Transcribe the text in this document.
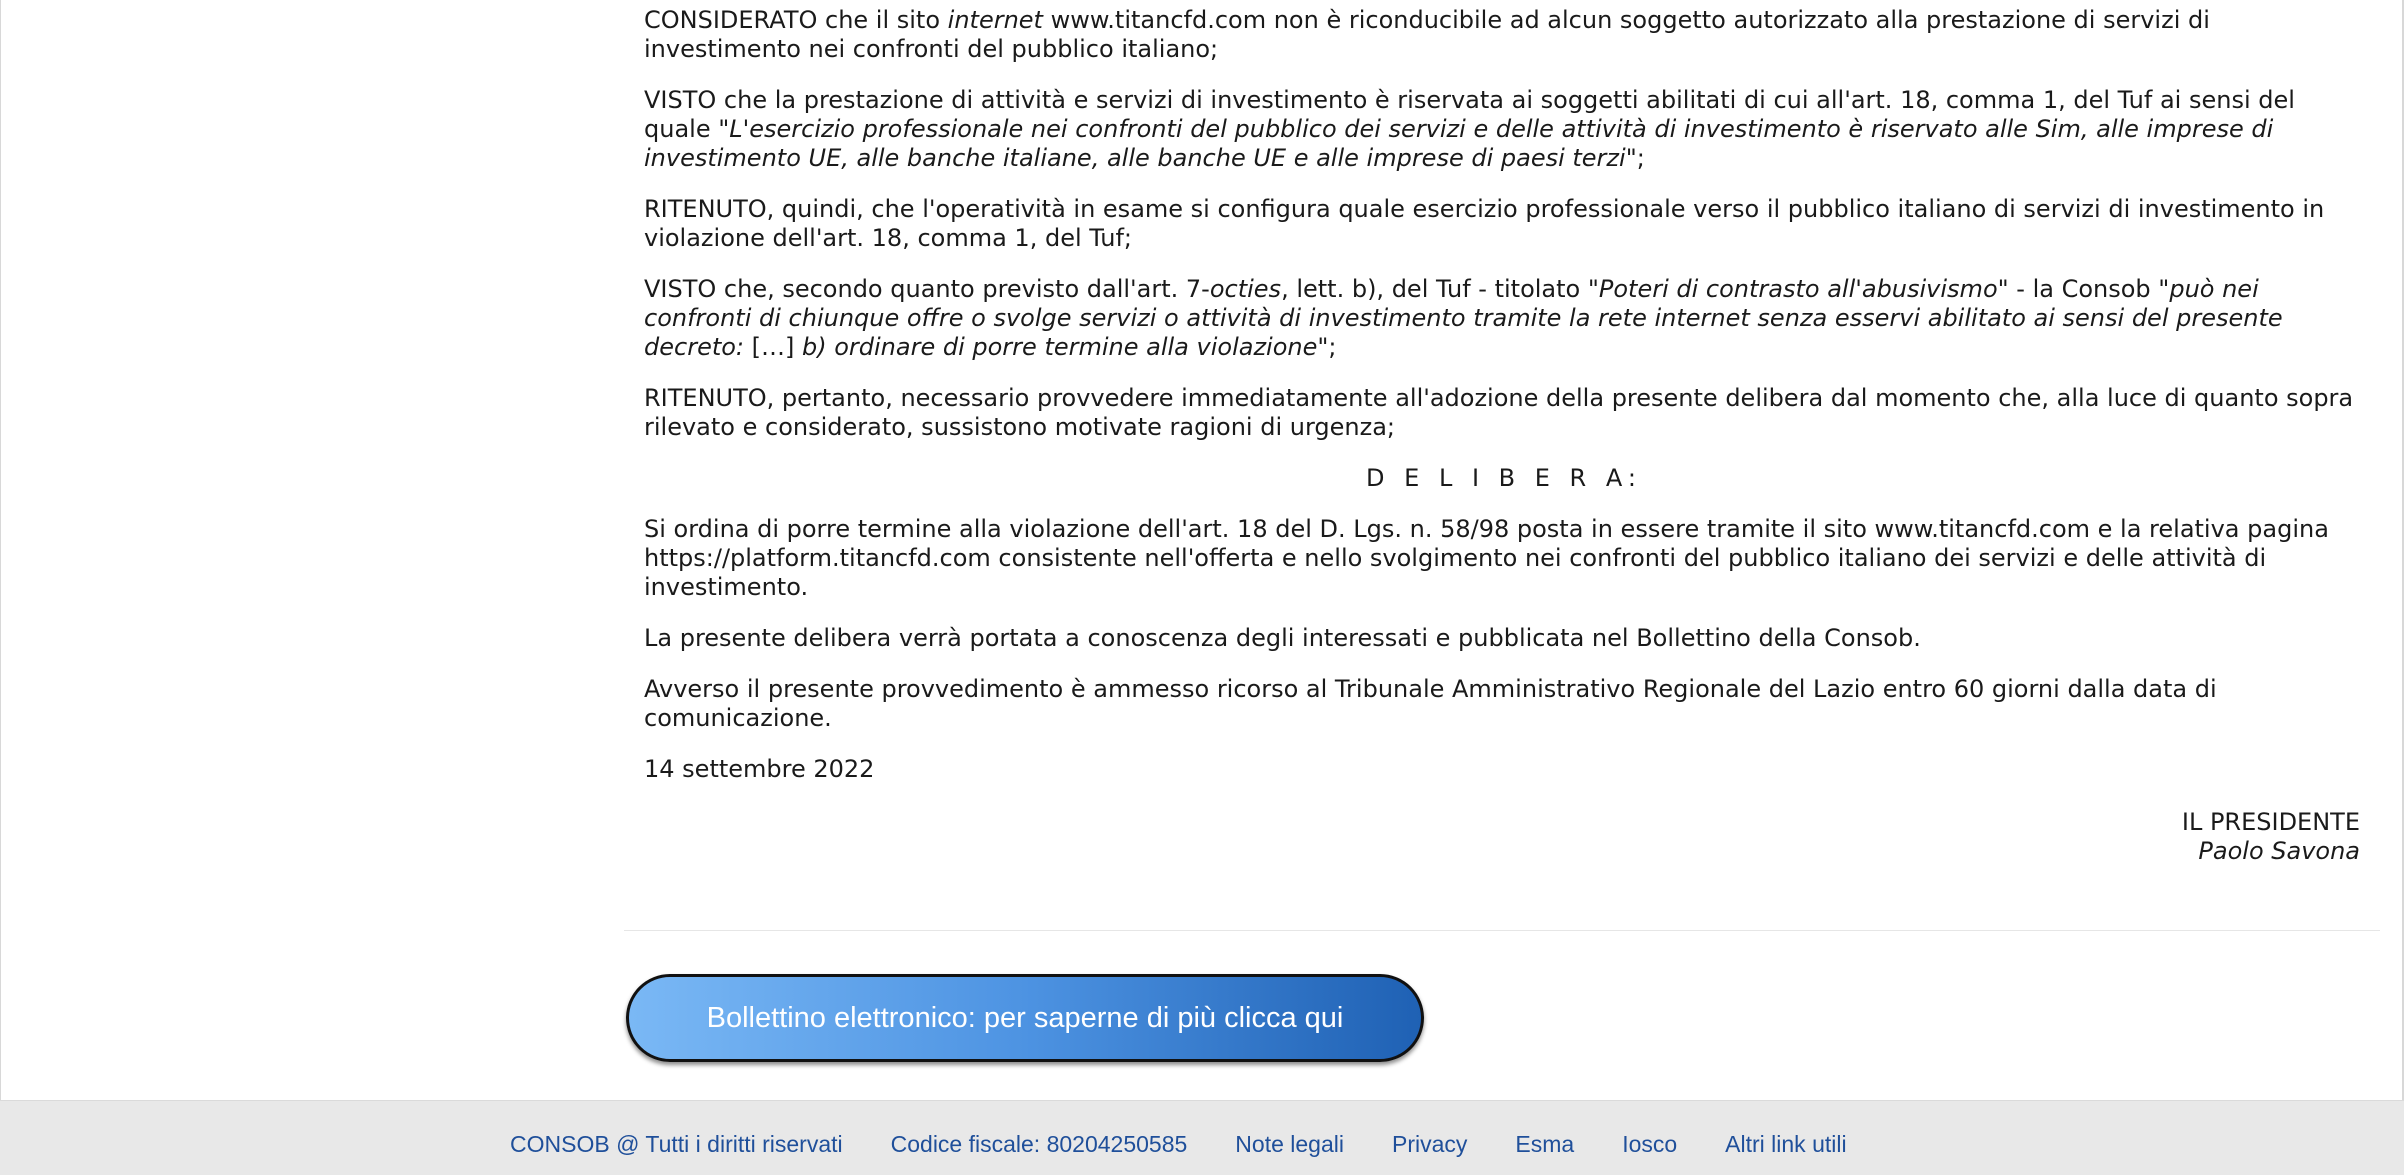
CONSIDERATO che il sito internet www.titancfd.com non è riconducibile ad alcun soggetto autorizzato alla prestazione di servizi di investimento nei confronti del pubblico italiano;

VISTO che la prestazione di attività e servizi di investimento è riservata ai soggetti abilitati di cui all'art. 18, comma 1, del Tuf ai sensi del quale "L'esercizio professionale nei confronti del pubblico dei servizi e delle attività di investimento è riservato alle Sim, alle imprese di investimento UE, alle banche italiane, alle banche UE e alle imprese di paesi terzi";

RITENUTO, quindi, che l'operatività in esame si configura quale esercizio professionale verso il pubblico italiano di servizi di investimento in violazione dell'art. 18, comma 1, del Tuf;

VISTO che, secondo quanto previsto dall'art. 7-octies, lett. b), del Tuf - titolato "Poteri di contrasto all'abusivismo" - la Consob "può nei confronti di chiunque offre o svolge servizi o attività di investimento tramite la rete internet senza esservi abilitato ai sensi del presente decreto: […] b) ordinare di porre termine alla violazione";

RITENUTO, pertanto, necessario provvedere immediatamente all'adozione della presente delibera dal momento che, alla luce di quanto sopra rilevato e considerato, sussistono motivate ragioni di urgenza;

D E L I B E R A:

Si ordina di porre termine alla violazione dell'art. 18 del D. Lgs. n. 58/98 posta in essere tramite il sito www.titancfd.com e la relativa pagina https://platform.titancfd.com consistente nell'offerta e nello svolgimento nei confronti del pubblico italiano dei servizi e delle attività di investimento.

La presente delibera verrà portata a conoscenza degli interessati e pubblicata nel Bollettino della Consob.

Avverso il presente provvedimento è ammesso ricorso al Tribunale Amministrativo Regionale del Lazio entro 60 giorni dalla data di comunicazione.

14 settembre 2022

IL PRESIDENTE
Paolo Savona
Bollettino elettronico: per saperne di più clicca qui
CONSOB @ Tutti i diritti riservati Codice fiscale: 80204250585 Note legali Privacy Esma Iosco Altri link utili
